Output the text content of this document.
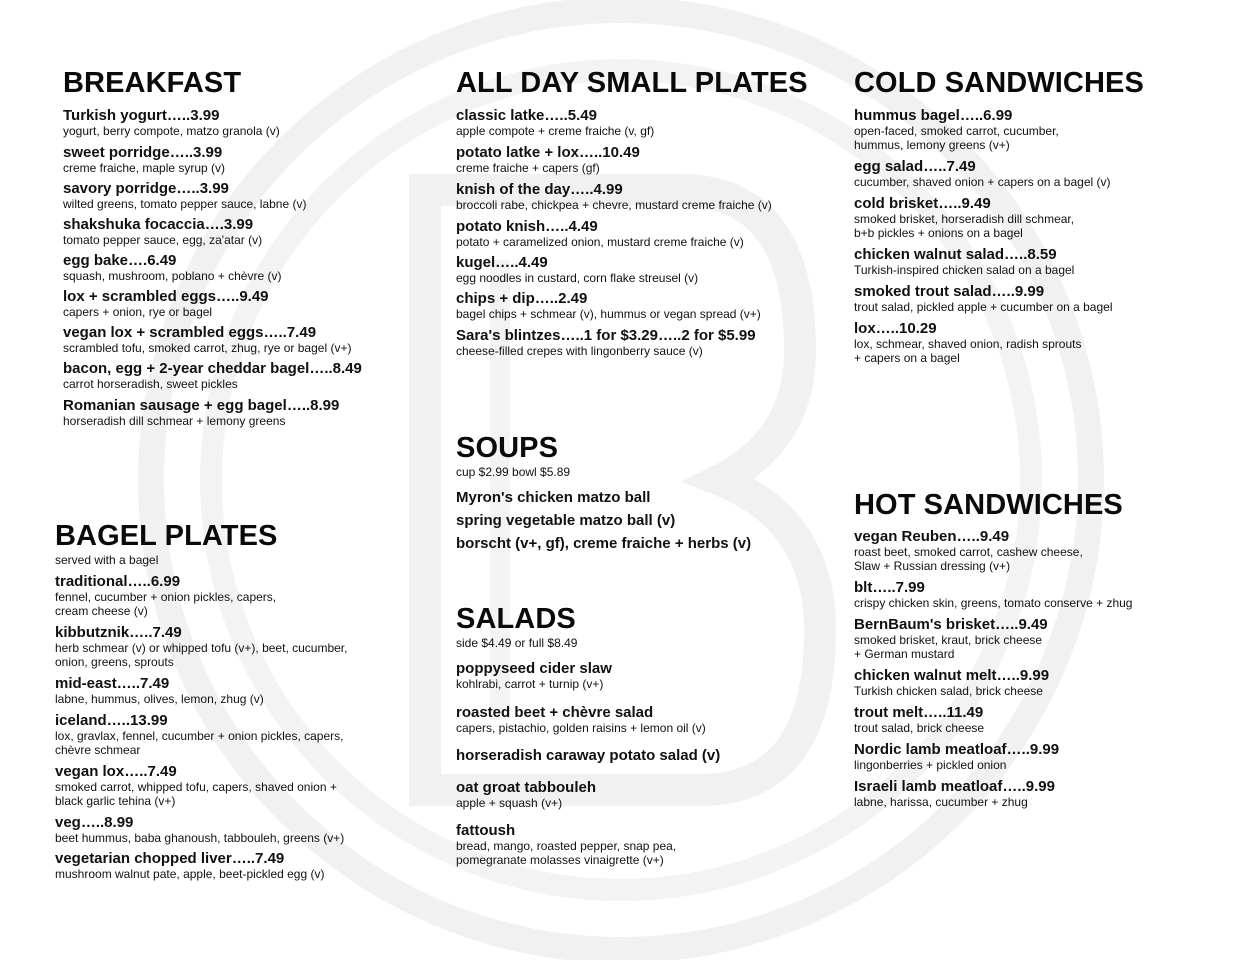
BREAKFAST
Turkish yogurt…..3.99
yogurt, berry compote, matzo granola (v)
sweet porridge…..3.99
creme fraiche, maple syrup (v)
savory porridge…..3.99
wilted greens, tomato pepper sauce, labne (v)
shakshuka focaccia….3.99
tomato pepper sauce, egg, za'atar (v)
egg bake….6.49
squash, mushroom, poblano + chèvre (v)
lox + scrambled eggs…..9.49
capers + onion, rye or bagel
vegan lox + scrambled eggs…..7.49
scrambled tofu, smoked carrot, zhug, rye or bagel (v+)
bacon, egg + 2-year cheddar bagel…..8.49
carrot horseradish, sweet pickles
Romanian sausage + egg bagel…..8.99
horseradish dill schmear + lemony greens
BAGEL PLATES
served with a bagel
traditional…..6.99
fennel, cucumber + onion pickles, capers,
cream cheese (v)
kibbutznik…..7.49
herb schmear (v) or whipped tofu (v+), beet, cucumber,
onion, greens, sprouts
mid-east…..7.49
labne, hummus, olives, lemon, zhug (v)
iceland…..13.99
lox, gravlax, fennel, cucumber + onion pickles, capers,
chèvre schmear
vegan lox…..7.49
smoked carrot, whipped tofu, capers, shaved onion +
black garlic tehina (v+)
veg…..8.99
beet hummus, baba ghanoush, tabbouleh, greens (v+)
vegetarian chopped liver…..7.49
mushroom walnut pate, apple, beet-pickled egg (v)
ALL DAY SMALL PLATES
classic latke…..5.49
apple compote + creme fraiche (v, gf)
potato latke + lox…..10.49
creme fraiche + capers (gf)
knish of the day…..4.99
broccoli rabe, chickpea + chevre, mustard creme fraiche (v)
potato knish…..4.49
potato + caramelized onion, mustard creme fraiche (v)
kugel…..4.49
egg noodles in custard, corn flake streusel (v)
chips + dip…..2.49
bagel chips + schmear (v), hummus or vegan spread (v+)
Sara's blintzes…..1 for $3.29…..2 for $5.99
cheese-filled crepes with lingonberry sauce (v)
SOUPS
cup $2.99 bowl $5.89
Myron's chicken matzo ball
spring vegetable matzo ball (v)
borscht (v+, gf), creme fraiche + herbs (v)
SALADS
side $4.49 or full $8.49
poppyseed cider slaw
kohlrabi, carrot + turnip (v+)
roasted beet + chèvre salad
capers, pistachio, golden raisins + lemon oil (v)
horseradish caraway potato salad (v)
oat groat tabbouleh
apple + squash (v+)
fattoush
bread, mango, roasted pepper, snap pea,
pomegranate molasses vinaigrette (v+)
COLD SANDWICHES
hummus bagel…..6.99
open-faced, smoked carrot, cucumber,
hummus, lemony greens (v+)
egg salad…..7.49
cucumber, shaved onion + capers on a bagel (v)
cold brisket…..9.49
smoked brisket, horseradish dill schmear,
b+b pickles + onions on a bagel
chicken walnut salad…..8.59
Turkish-inspired chicken salad on a bagel
smoked trout salad…..9.99
trout salad, pickled apple + cucumber on a bagel
lox…..10.29
lox, schmear, shaved onion, radish sprouts
+ capers on a bagel
HOT SANDWICHES
vegan Reuben…..9.49
roast beet, smoked carrot, cashew cheese,
Slaw + Russian dressing (v+)
blt…..7.99
crispy chicken skin, greens, tomato conserve + zhug
BernBaum's brisket…..9.49
smoked brisket, kraut, brick cheese
+ German mustard
chicken walnut melt…..9.99
Turkish chicken salad, brick cheese
trout melt…..11.49
trout salad, brick cheese
Nordic lamb meatloaf…..9.99
lingonberries + pickled onion
Israeli lamb meatloaf…..9.99
labne, harissa, cucumber + zhug
